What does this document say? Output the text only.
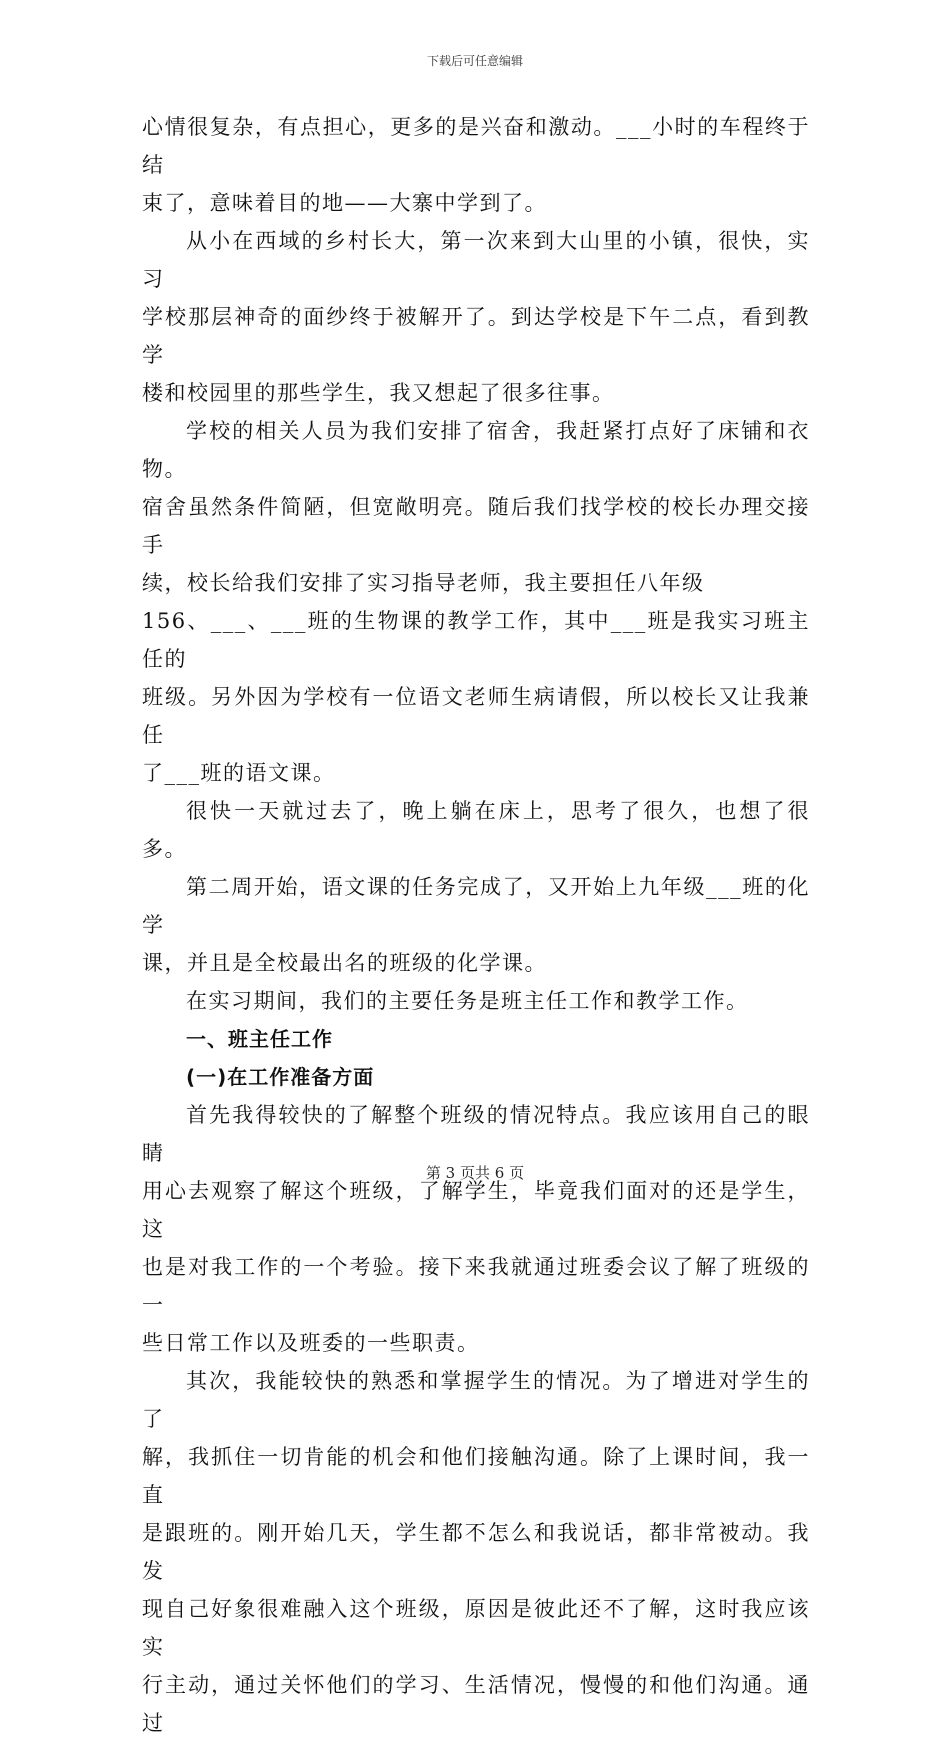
下载后可任意编辑

心情很复杂，有点担心，更多的是兴奋和激动。___小时的车程终于结
束了，意味着目的地——大寨中学到了。

从小在西域的乡村长大，第一次来到大山里的小镇，很快，实习
学校那层神奇的面纱终于被解开了。到达学校是下午二点，看到教学
楼和校园里的那些学生，我又想起了很多往事。

学校的相关人员为我们安排了宿舍，我赶紧打点好了床铺和衣物。
宿舍虽然条件简陋，但宽敞明亮。随后我们找学校的校长办理交接手
续，校长给我们安排了实习指导老师，我主要担任八年级
156、___、___班的生物课的教学工作，其中___班是我实习班主任的
班级。另外因为学校有一位语文老师生病请假，所以校长又让我兼任
了___班的语文课。

很快一天就过去了，晚上躺在床上，思考了很久，也想了很多。

第二周开始，语文课的任务完成了，又开始上九年级___班的化学
课，并且是全校最出名的班级的化学课。

在实习期间，我们的主要任务是班主任工作和教学工作。

一、班主任工作

(一)在工作准备方面

首先我得较快的了解整个班级的情况特点。我应该用自己的眼睛
用心去观察了解这个班级，了解学生，毕竟我们面对的还是学生，这
也是对我工作的一个考验。接下来我就通过班委会议了解了班级的一
些日常工作以及班委的一些职责。

其次，我能较快的熟悉和掌握学生的情况。为了增进对学生的了
解，我抓住一切肯能的机会和他们接触沟通。除了上课时间，我一直
是跟班的。刚开始几天，学生都不怎么和我说话，都非常被动。我发
现自己好象很难融入这个班级，原因是彼此还不了解，这时我应该实
行主动，通过关怀他们的学习、生活情况，慢慢的和他们沟通。通过

第 3 页共 6 页
